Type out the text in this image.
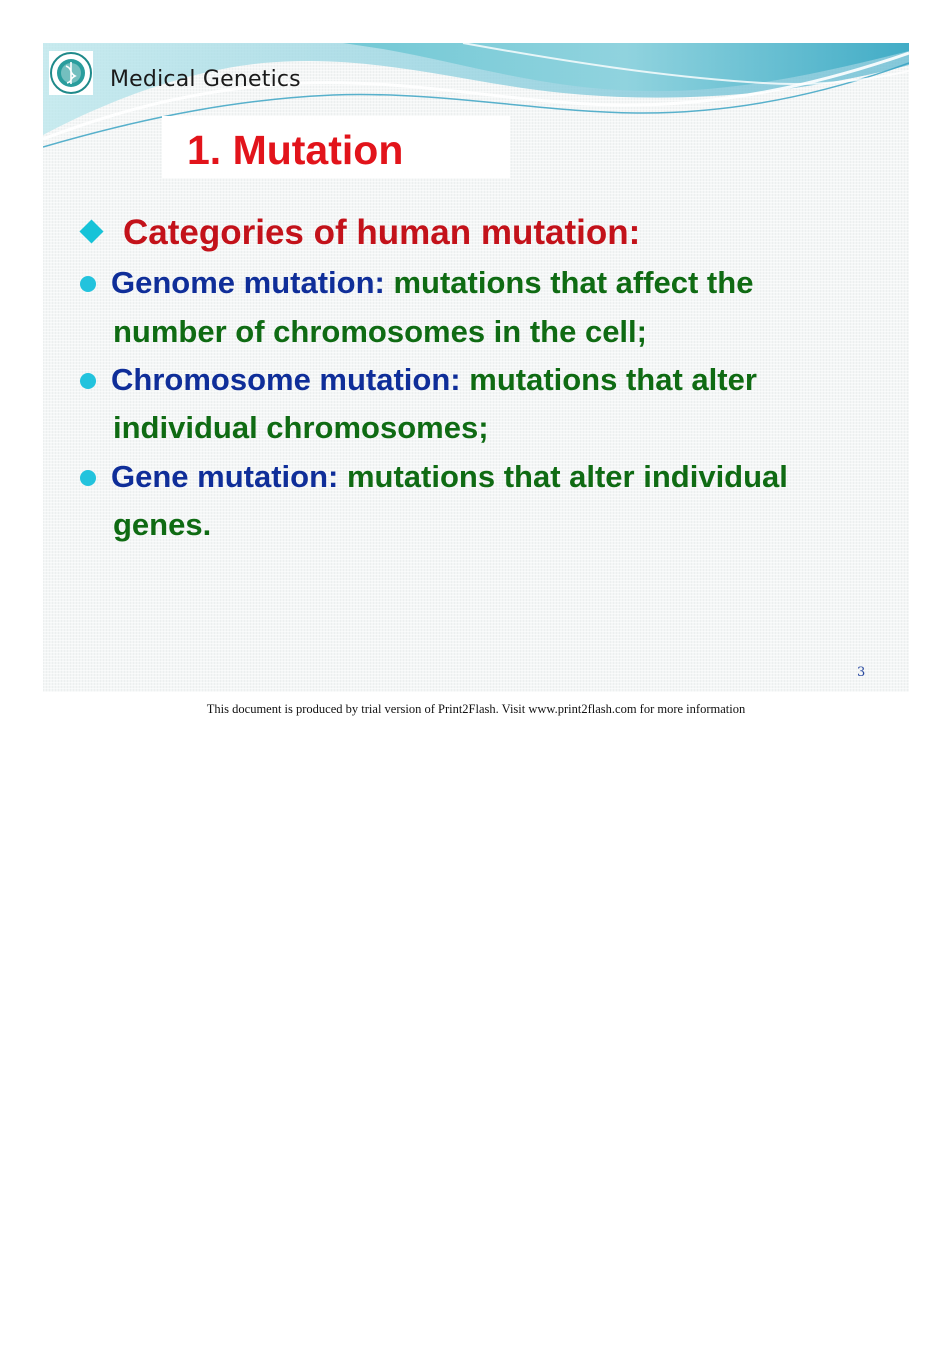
Medical Genetics
1. Mutation
Categories of human mutation:
Genome mutation: mutations that affect the
number of chromosomes in the cell;
Chromosome mutation: mutations that alter
individual chromosomes;
Gene mutation: mutations that alter individual
genes.
3
This document is produced by trial version of Print2Flash. Visit www.print2flash.com for more information
